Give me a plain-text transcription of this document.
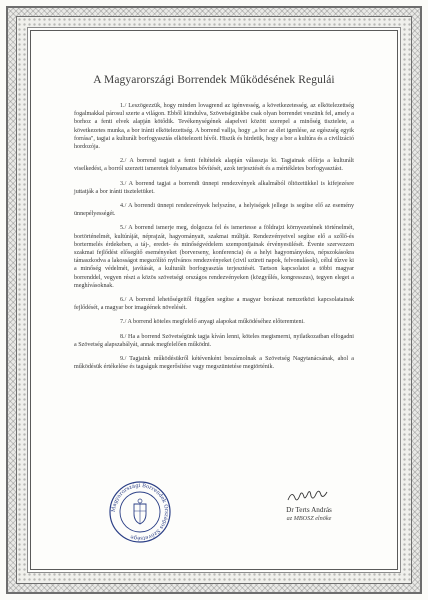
A Magyarországi Borrendek Működésének Regulái

1./ Leszögezzük, hogy minden lovagrend az igénvesség, a következetesség, az elkötelezettség fogalmakkal párosul szerte a világon. Ebből kiindulva, Szövetségünkbe csak olyan borrendet veszünk fel, amely a borhoz a fenti elvek alapján kötődik. Tevékenységének alapelvei között szerepel a minőség tisztelete, a következetes munka, a bor iránti elkötelezettség. A borrend vallja, hogy „a bor az élet igenlése, az egészség egyik forrása", tagjai a kulturált borfogyasztás elkötelezett hívői. Hiszik és hirdetik, hogy a bor a kultúra és a civilizáció hordozója.

2./ A borrend tagjait a fenti feltételek alapján válasszja ki. Tagjainak előírja a kulturált viselkedést, a borról szerzett ismeretek folyamatos bővítését, azok terjesztését és a mértékletes borfogyasztást.

3./ A borrend tagjai a borrendi ünnepi rendezvények alkalmából öltözetükkel is kifejezésre juttatják a bor iránti tiszteletüket.

4./ A borrendi ünnepi rendezvények helyszíne, a helyiségek jellege is segítse elő az esemény ünnepélyességét.

5./ A borrend ismerje meg, dolgozza fel és ismertesse a földrajzi környezetének történelmét, bortörténelmét, kultúráját, néprajzát, hagyományait, szakmai múltját. Rendezvényeivel segítse elő a szőlő-és bortermelés érdekeben, a táj-, eredet- és minőségvédelem szempontjainak érvényesülését. Évente szervezzen szakmai fejlődést elősegítő eseményeket (borverseny, konferencia) és a helyi hagyományokra, népszokásokra támaszkodva a lakosságot megszólító nyilvános rendezvényeket (civil szüreti napok, felvonulások), célul tűzve ki a minőség védelmét, javítását, a kulturált borfogyasztás terjesztését. Tartson kapcsolatot a többi magyar borrenddel, vegyen részt a közös szövetségi országos rendezvényeken (közgyűlés, kongresszus), tegyen eleget a meghívásoknak.

6./ A borrend lehetőségeitől függően segítse a magyar borászat nemzetközi kapcsolatainak fejlődését, a magyar bor imagéének növelését.

7./ A borrend köteles megfelelő anyagi alapokat működéséhez előteremteni.

8./ Ha a borrend Szövetségünk tagja kíván lenni, köteles megismerni, nyilatkozatban elfogadni a Szövetség alapszabályát, annak megfelelően működni.

9./ Tagjaink működésükről kétévenként beszámolnak a Szövetség Nagytanácsának, ahol a működésük értékelése és tagságuk megerősítése vagy megszüntetése megtörténik.

Magyarországi Borrendek Országos Szövetsége
Dr Terts András
az MBOSZ elnöke
